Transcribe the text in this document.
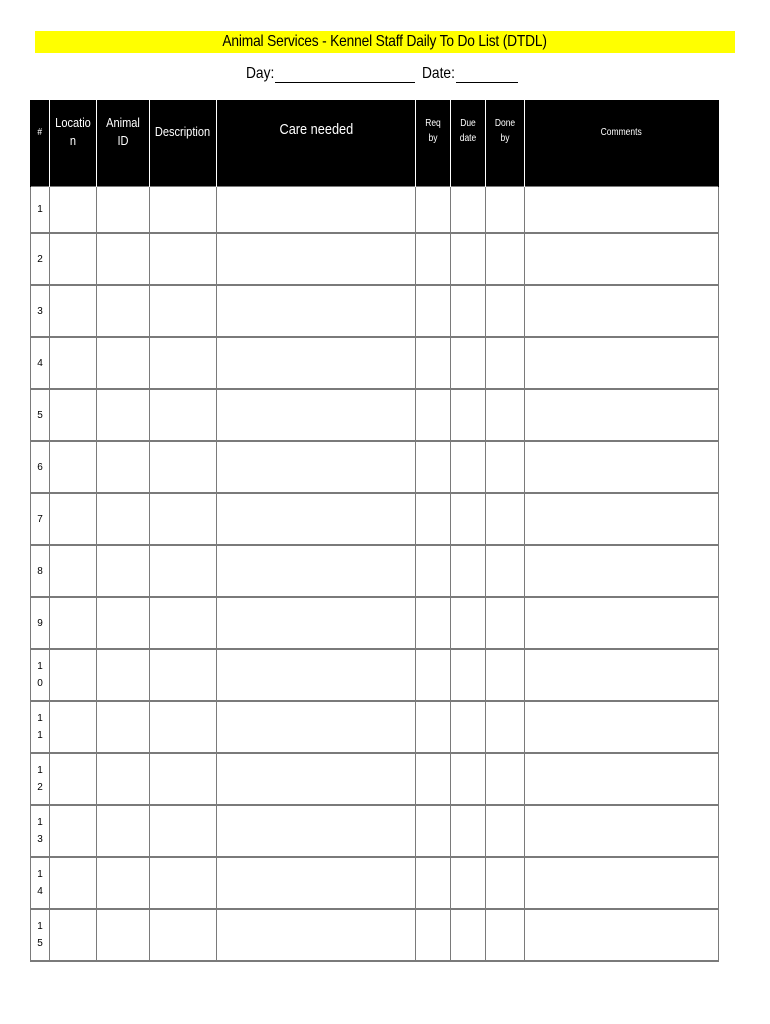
Animal Services - Kennel Staff Daily To Do List (DTDL)
Day:	Date:
#	Locatio n	Animal ID	Description	Care needed	Req by	Due date	Done by	Comments
1								
2								
3								
4								
5								
6								
7								
8								
9								
10								
11								
12								
13								
14								
15								
